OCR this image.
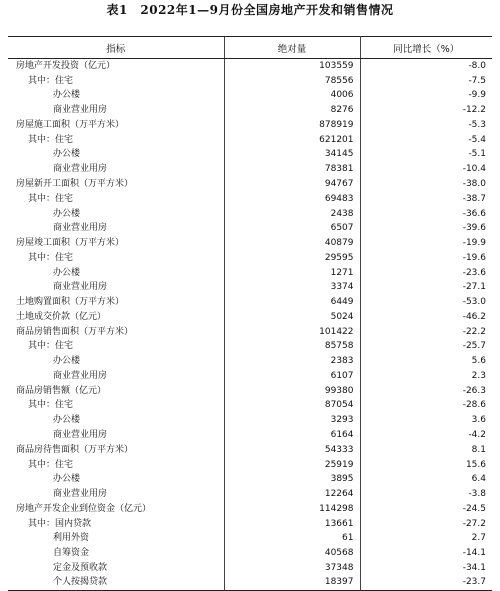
表1　2022年1—9月份全国房地产开发和销售情况
指标	绝对量	同比增长（%）
房地产开发投资（亿元）	103559	-8.0
其中：住宅	78556	-7.5
办公楼	4006	-9.9
商业营业用房	8276	-12.2
房屋施工面积（万平方米）	878919	-5.3
其中：住宅	621201	-5.4
办公楼	34145	-5.1
商业营业用房	78381	-10.4
房屋新开工面积（万平方米）	94767	-38.0
其中：住宅	69483	-38.7
办公楼	2438	-36.6
商业营业用房	6507	-39.6
房屋竣工面积（万平方米）	40879	-19.9
其中：住宅	29595	-19.6
办公楼	1271	-23.6
商业营业用房	3374	-27.1
土地购置面积（万平方米）	6449	-53.0
土地成交价款（亿元）	5024	-46.2
商品房销售面积（万平方米）	101422	-22.2
其中：住宅	85758	-25.7
办公楼	2383	5.6
商业营业用房	6107	2.3
商品房销售额（亿元）	99380	-26.3
其中：住宅	87054	-28.6
办公楼	3293	3.6
商业营业用房	6164	-4.2
商品房待售面积（万平方米）	54333	8.1
其中：住宅	25919	15.6
办公楼	3895	6.4
商业营业用房	12264	-3.8
房地产开发企业到位资金（亿元）	114298	-24.5
其中：国内贷款	13661	-27.2
利用外资	61	2.7
自筹资金	40568	-14.1
定金及预收款	37348	-34.1
个人按揭贷款	18397	-23.7
